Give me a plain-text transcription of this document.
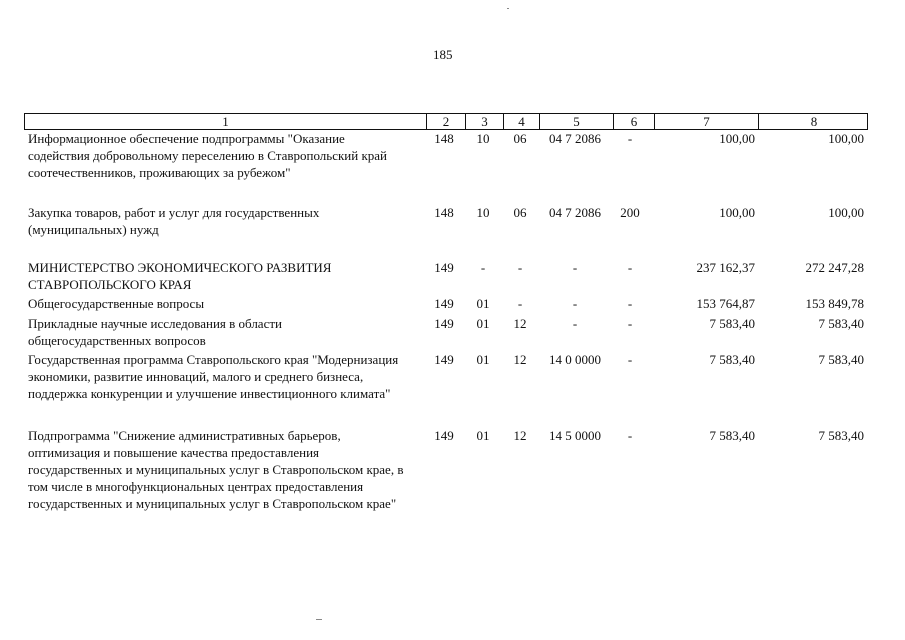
185
1	2	3	4	5	6	7	8
Информационное обеспечение подпрограммы "Оказание содействия добровольному переселению в Ставропольский край соотечественников, проживающих за рубежом"
148	10	06	04 7 2086	-	100,00	100,00
Закупка товаров, работ и услуг для государственных (муниципальных) нужд
148	10	06	04 7 2086	200	100,00	100,00
МИНИСТЕРСТВО ЭКОНОМИЧЕСКОГО РАЗВИТИЯ СТАВРОПОЛЬСКОГО КРАЯ
149	-	-	-	-	237 162,37	272 247,28
Общегосударственные вопросы	149	01	-	-	-	153 764,87	153 849,78
Прикладные научные исследования в области общегосударственных вопросов
149	01	12	-	-	7 583,40	7 583,40
Государственная программа Ставропольского края "Модернизация экономики, развитие инноваций, малого и среднего бизнеса, поддержка конкуренции и улучшение инвестиционного климата"
149	01	12	14 0 0000	-	7 583,40	7 583,40
Подпрограмма "Снижение административных барьеров, оптимизация и повышение качества предоставления государственных и муниципальных услуг в Ставропольском крае, в том числе в многофункциональных центрах предоставления государственных и муниципальных услуг в Ставропольском крае"
149	01	12	14 5 0000	-	7 583,40	7 583,40
